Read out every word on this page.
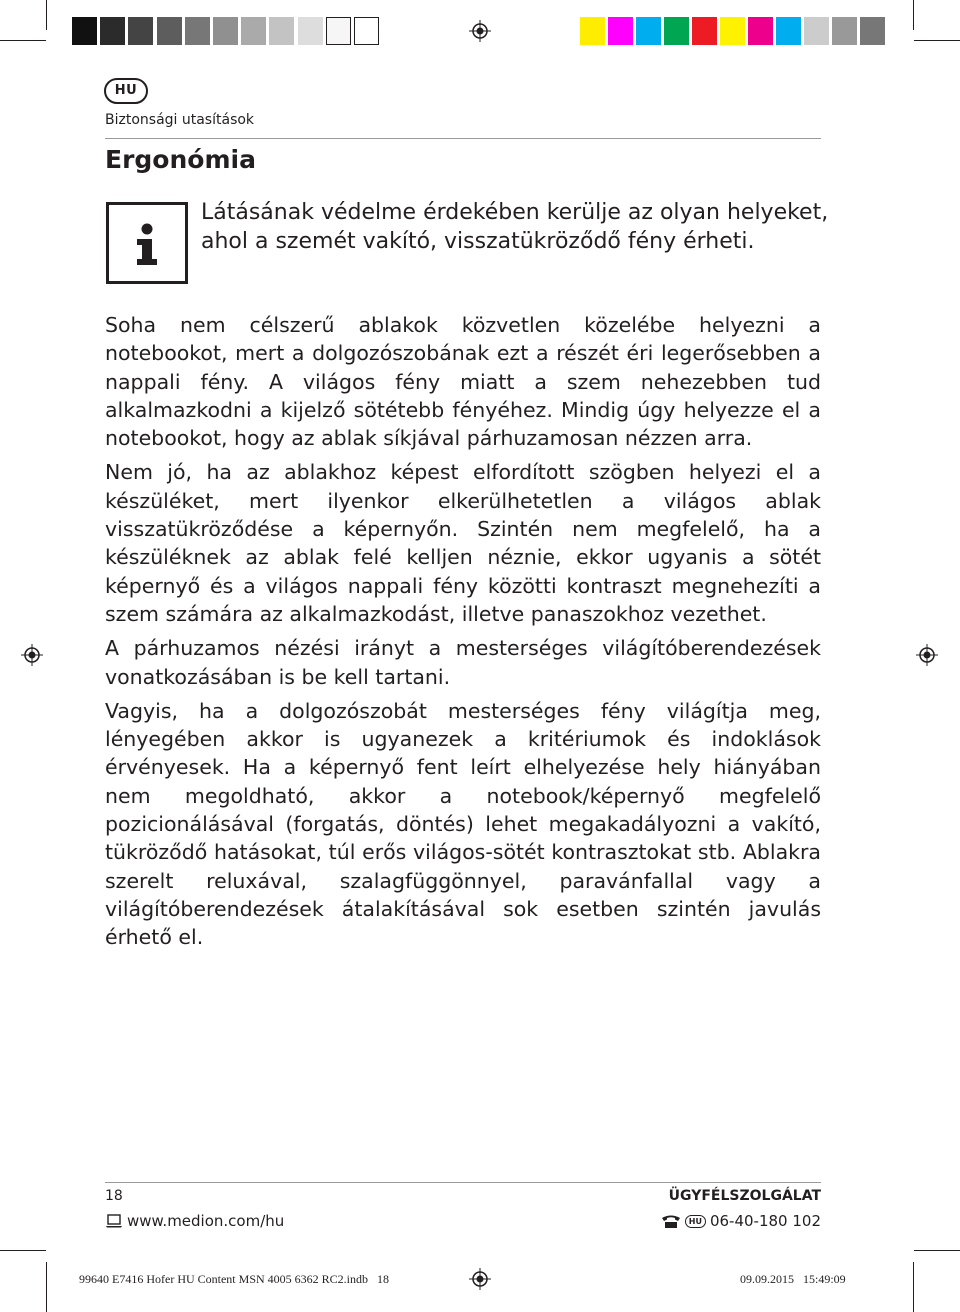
HU
Biztonsági utasítások
Ergonómia
Látásának védelme érdekében kerülje az olyan helyeket, ahol a szemét vakító, visszatükröződő fény érheti.

Soha nem célszerű ablakok közvetlen közelébe helyezni a notebookot, mert a dolgozószobának ezt a részét éri legerősebben a nappali fény. A világos fény miatt a szem nehezebben tud alkalmazkodni a kijelző sötétebb fényéhez. Mindig úgy helyezze el a notebookot, hogy az ablak síkjával párhuzamosan nézzen arra.

Nem jó, ha az ablakhoz képest elfordított szögben helyezi el a készüléket, mert ilyenkor elkerülhetetlen a világos ablak visszatükröződése a képernyőn. Szintén nem megfelelő, ha a készüléknek az ablak felé kelljen néznie, ekkor ugyanis a sötét képernyő és a világos nappali fény közötti kontraszt megnehezíti a szem számára az alkalmazkodást, illetve panaszokhoz vezethet.

A párhuzamos nézési irányt a mesterséges világítóberendezések vonatkozásában is be kell tartani.

Vagyis, ha a dolgozószobát mesterséges fény világítja meg, lényegében akkor is ugyanezek a kritériumok és indoklások érvényesek. Ha a képernyő fent leírt elhelyezése hely hiányában nem megoldható, akkor a notebook/képernyő megfelelő pozicionálásával (forgatás, döntés) lehet megakadályozni a vakító, tükröződő hatásokat, túl erős világos-sötét kontrasztokat stb. Ablakra szerelt reluxával, szalagfüggönnyel, paravánfallal vagy a világítóberendezések átalakításával sok esetben szintén javulás érhető el.

18	ÜGYFÉLSZOLGÁLAT
www.medion.com/hu	HU 06-40-180 102
99640 E7416 Hofer HU Content MSN 4005 6362 RC2.indb   18	09.09.2015   15:49:09
